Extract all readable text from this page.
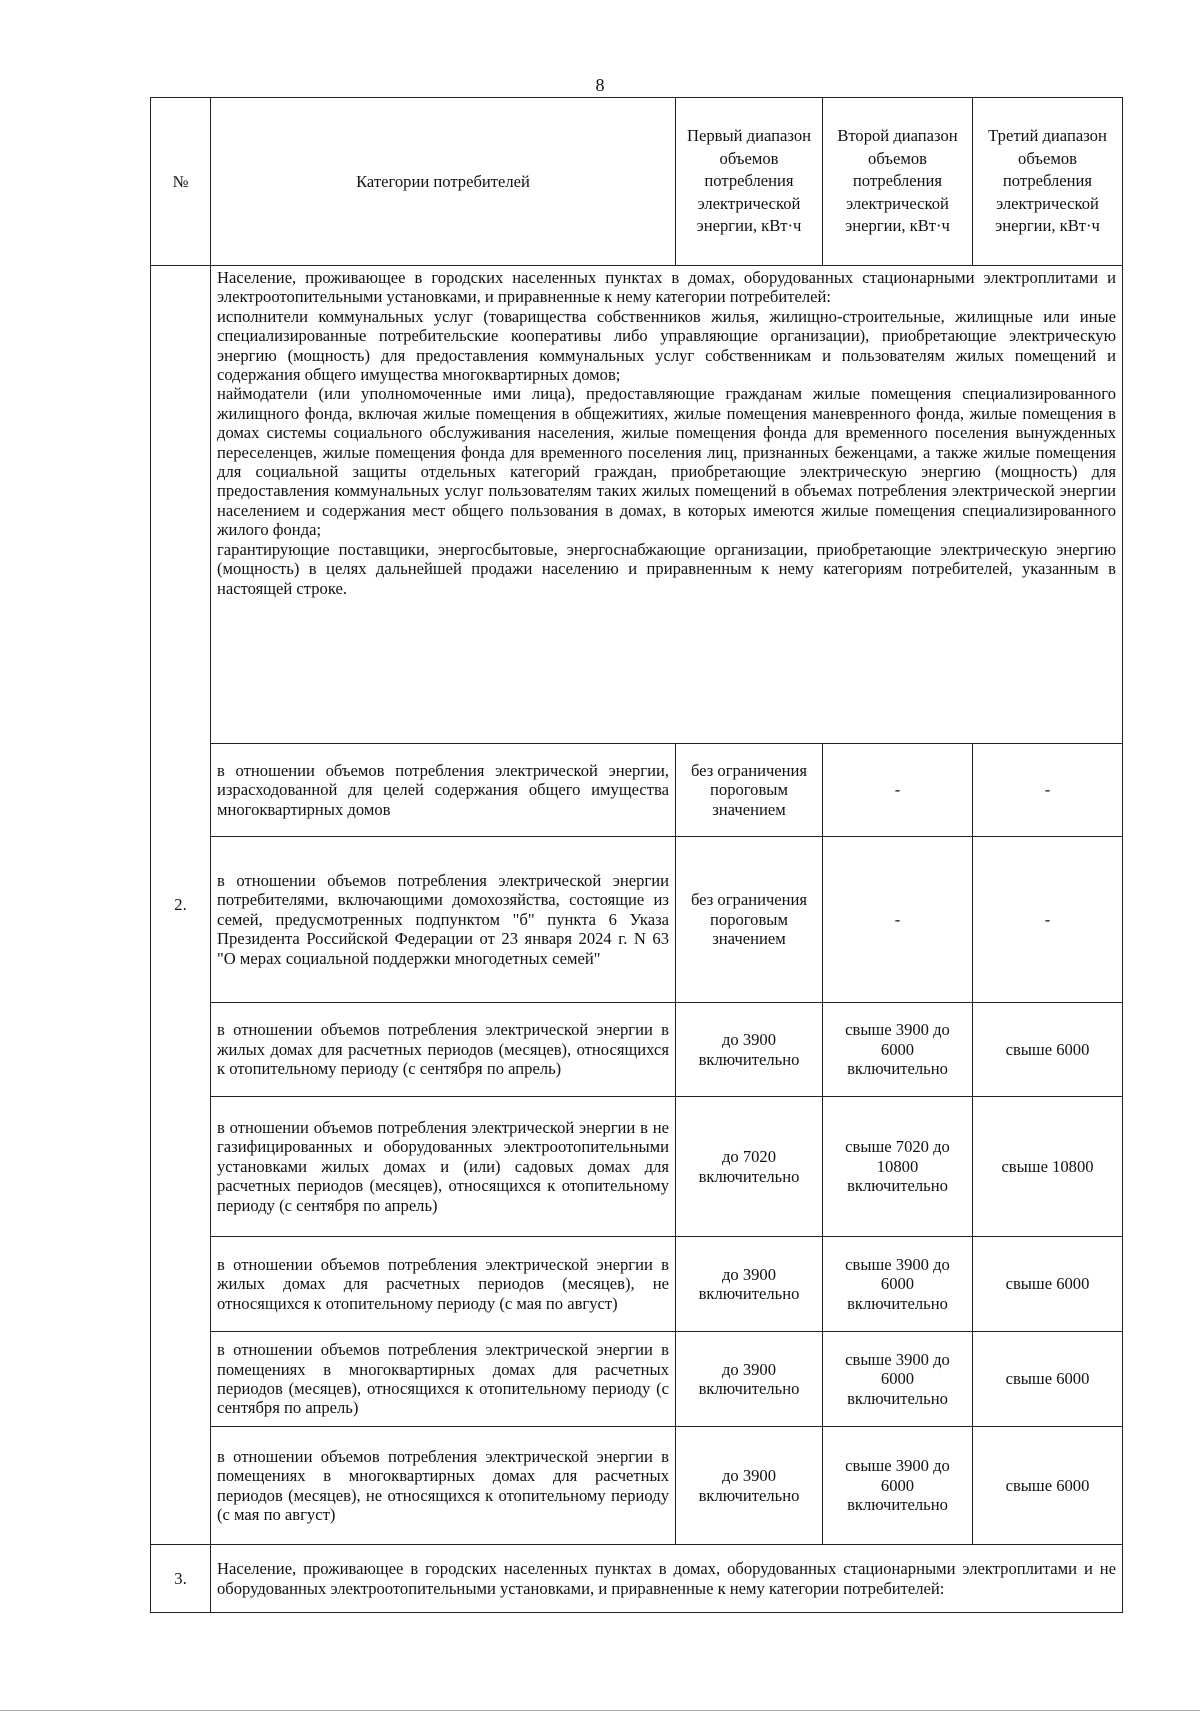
8
№	Категории потребителей	Первый диапазон объемов потребления электрической энергии, кВт·ч	Второй диапазон объемов потребления электрической энергии, кВт·ч	Третий диапазон объемов потребления электрической энергии, кВт·ч
2.	Население, проживающее в городских населенных пунктах в домах, оборудованных стационарными электроплитами и электроотопительными установками, и приравненные к нему категории потребителей:
исполнители коммунальных услуг (товарищества собственников жилья, жилищно-строительные, жилищные или иные специализированные потребительские кооперативы либо управляющие организации), приобретающие электрическую энергию (мощность) для предоставления коммунальных услуг собственникам и пользователям жилых помещений и содержания общего имущества многоквартирных домов;
наймодатели (или уполномоченные ими лица), предоставляющие гражданам жилые помещения специализированного жилищного фонда, включая жилые помещения в общежитиях, жилые помещения маневренного фонда, жилые помещения в домах системы социального обслуживания населения, жилые помещения фонда для временного поселения вынужденных переселенцев, жилые помещения фонда для временного поселения лиц, признанных беженцами, а также жилые помещения для социальной защиты отдельных категорий граждан, приобретающие электрическую энергию (мощность) для предоставления коммунальных услуг пользователям таких жилых помещений в объемах потребления электрической энергии населением и содержания мест общего пользования в домах, в которых имеются жилые помещения специализированного жилого фонда;
гарантирующие поставщики, энергосбытовые, энергоснабжающие организации, приобретающие электрическую энергию (мощность) в целях дальнейшей продажи населению и приравненным к нему категориям потребителей, указанным в настоящей строке.			

	в отношении объемов потребления электрической энергии, израсходованной для целей содержания общего имущества многоквартирных домов	без ограничения пороговым значением	-	-
	в отношении объемов потребления электрической энергии потребителями, включающими домохозяйства, состоящие из семей, предусмотренных подпунктом "б" пункта 6 Указа Президента Российской Федерации от 23 января 2024 г. N 63 "О мерах социальной поддержки многодетных семей"	без ограничения пороговым значением	-	-
	в отношении объемов потребления электрической энергии в жилых домах для расчетных периодов (месяцев), относящихся к отопительному периоду (с сентября по апрель)	до 3900 включительно	свыше 3900 до 6000 включительно	свыше 6000
	в отношении объемов потребления электрической энергии в не газифицированных и оборудованных электроотопительными установками жилых домах и (или) садовых домах для расчетных периодов (месяцев), относящихся к отопительному периоду (с сентября по апрель)	до 7020 включительно	свыше 7020 до 10800 включительно	свыше 10800
	в отношении объемов потребления электрической энергии в жилых домах для расчетных периодов (месяцев), не относящихся к отопительному периоду (с мая по август)	до 3900 включительно	свыше 3900 до 6000 включительно	свыше 6000
	в отношении объемов потребления электрической энергии в помещениях в многоквартирных домах для расчетных периодов (месяцев), относящихся к отопительному периоду (с сентября по апрель)	до 3900 включительно	свыше 3900 до 6000 включительно	свыше 6000
	в отношении объемов потребления электрической энергии в помещениях в многоквартирных домах для расчетных периодов (месяцев), не относящихся к отопительному периоду (с мая по август)	до 3900 включительно	свыше 3900 до 6000 включительно	свыше 6000
3.	Население, проживающее в городских населенных пунктах в домах, оборудованных стационарными электроплитами и не оборудованных электроотопительными установками, и приравненные к нему категории потребителей:			
